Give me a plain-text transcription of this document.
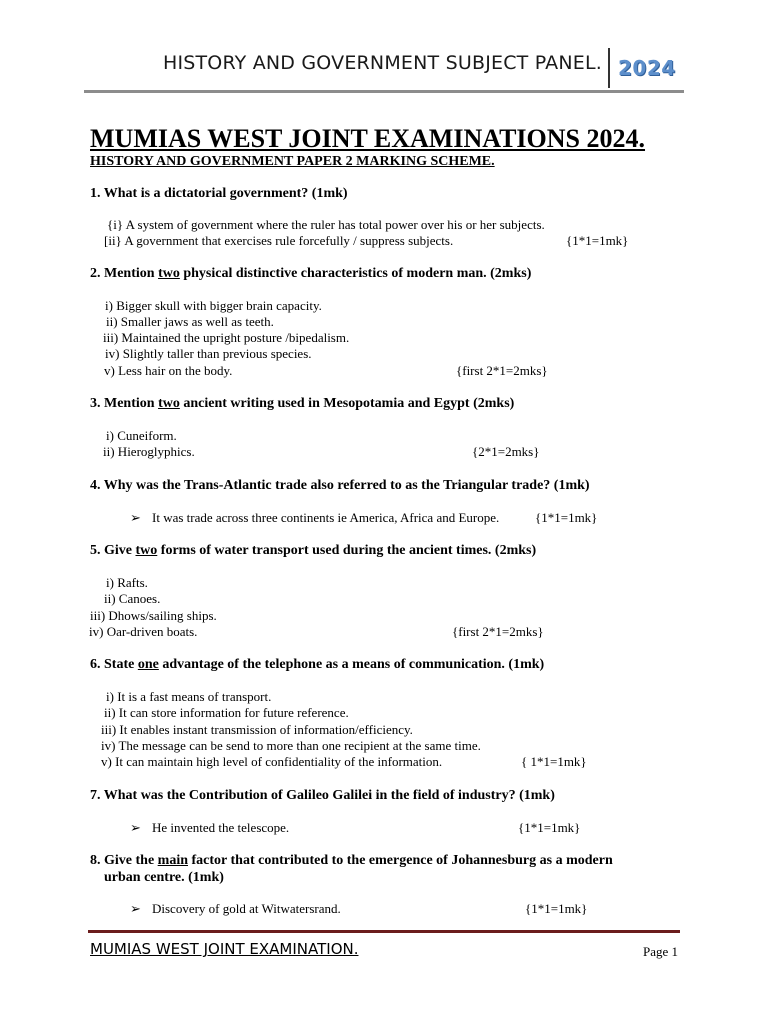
HISTORY AND GOVERNMENT SUBJECT PANEL. 2024
MUMIAS WEST JOINT EXAMINATIONS 2024.
HISTORY AND GOVERNMENT PAPER 2 MARKING SCHEME.

1. What is a dictatorial government? (1mk)

{i} A system of government where the ruler has total power over his or her subjects.

[ii} A government that exercises rule forcefully / suppress subjects.	{1*1=1mk}

2. Mention two physical distinctive characteristics of modern man. (2mks)

i) Bigger skull with bigger brain capacity.

ii) Smaller jaws as well as teeth.

iii) Maintained the upright posture /bipedalism.

iv) Slightly taller than previous species.

v) Less hair on the body.	{first 2*1=2mks}

3. Mention two ancient writing used in Mesopotamia and Egypt (2mks)

i) Cuneiform.

ii) Hieroglyphics.	{2*1=2mks}

4. Why was the Trans-Atlantic trade also referred to as the Triangular trade? (1mk)

➢ It was trade across three continents ie America, Africa and Europe.	{1*1=1mk}

5. Give two forms of water transport used during the ancient times. (2mks)

i) Rafts.

ii) Canoes.

iii) Dhows/sailing ships.

iv) Oar-driven boats.	{first 2*1=2mks}

6. State one advantage of the telephone as a means of communication. (1mk)

i) It is a fast means of transport.

ii) It can store information for future reference.

iii) It enables instant transmission of information/efficiency.

iv) The message can be send to more than one recipient at the same time.

v) It can maintain high level of confidentiality of the information.	{ 1*1=1mk}

7. What was the Contribution of Galileo Galilei in the field of industry? (1mk)

➢ He invented the telescope.	{1*1=1mk}

8. Give the main factor that contributed to the emergence of Johannesburg as a modern

urban centre. (1mk)

➢ Discovery of gold at Witwatersrand.	{1*1=1mk}

MUMIAS WEST JOINT EXAMINATION.	Page 1
